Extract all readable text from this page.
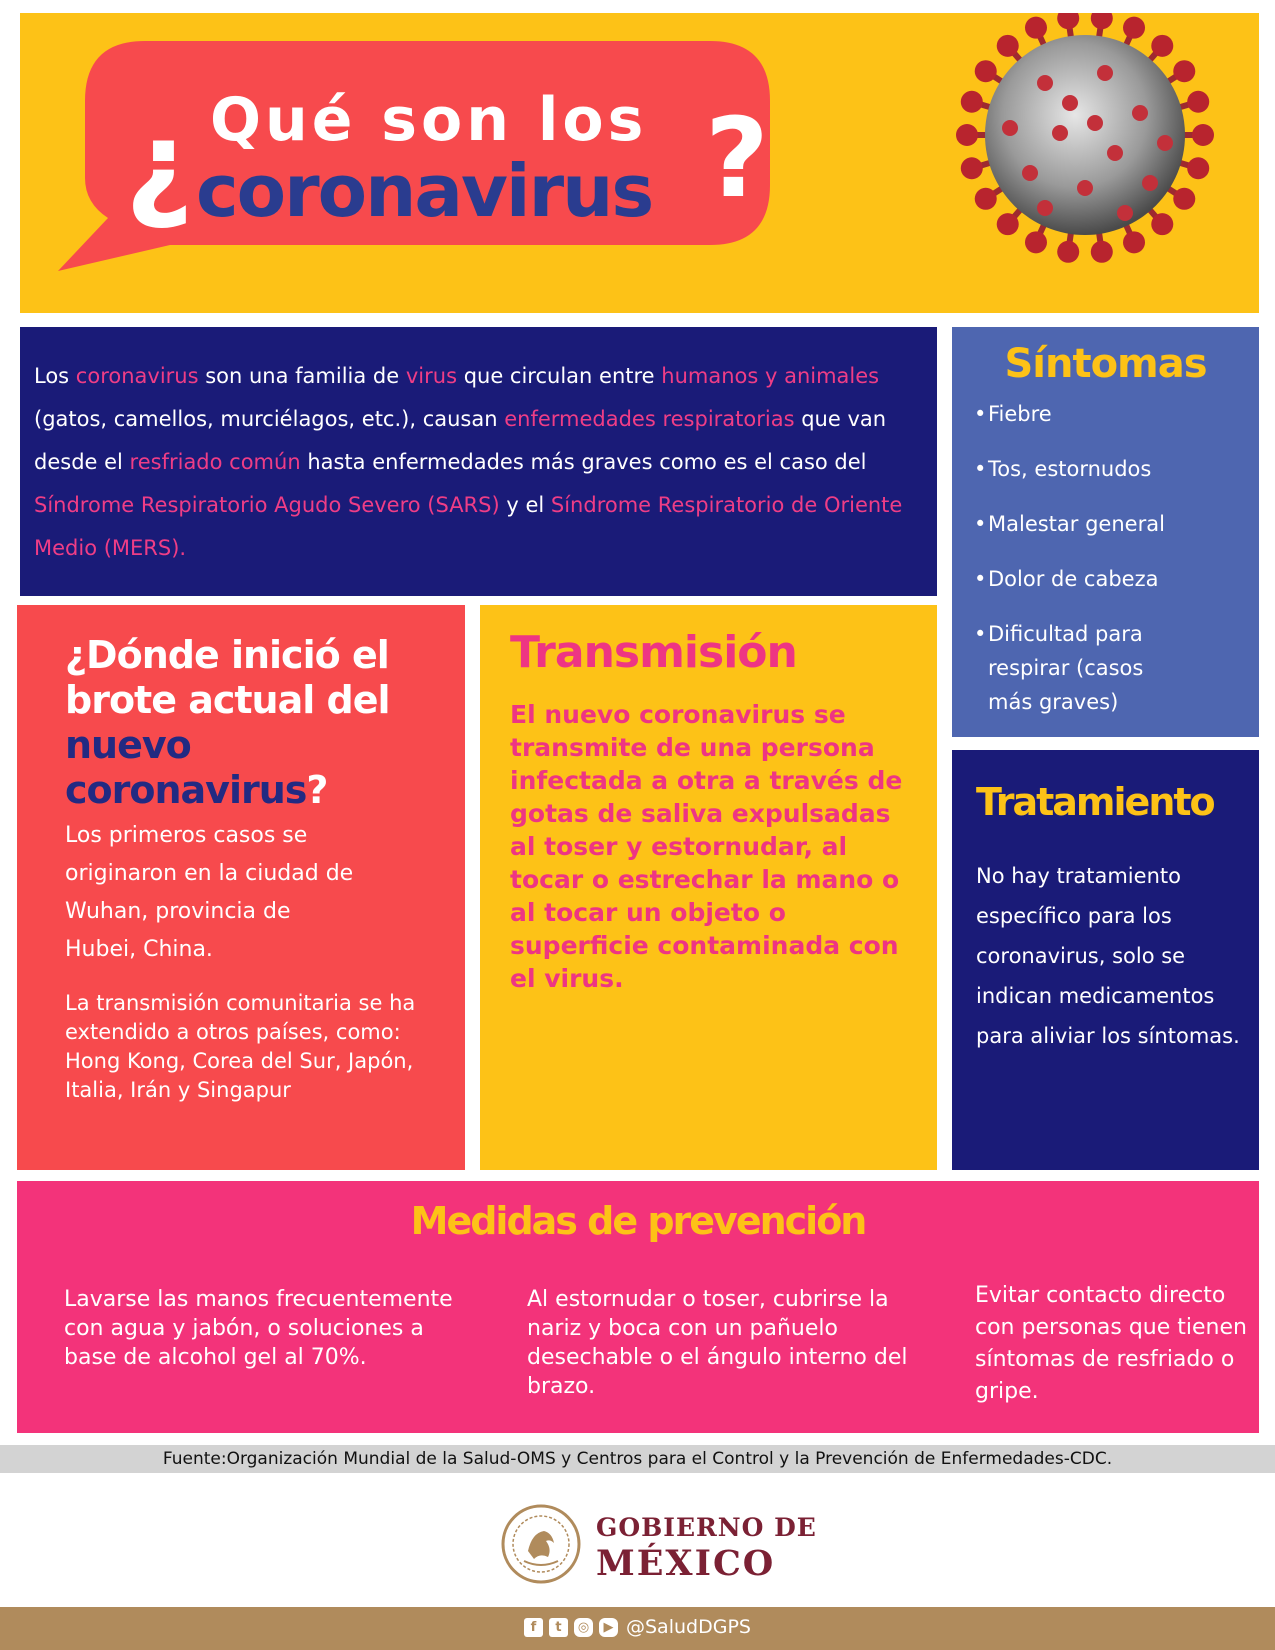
¿ Qué son los
coronavirus ?

Los coronavirus son una familia de virus que circulan entre humanos y animales (gatos, camellos, murciélagos, etc.), causan enfermedades respiratorias que van desde el resfriado común hasta enfermedades más graves como es el caso del Síndrome Respiratorio Agudo Severo (SARS) y el Síndrome Respiratorio de Oriente Medio (MERS).

Síntomas
• Fiebre
• Tos, estornudos
• Malestar general
• Dolor de cabeza
• Dificultad para respirar (casos más graves)
¿Dónde inició el brote actual del nuevo coronavirus?

Los primeros casos se originaron en la ciudad de Wuhan, provincia de Hubei, China.

La transmisión comunitaria se ha extendido a otros países, como: Hong Kong, Corea del Sur, Japón, Italia, Irán y Singapur

Transmisión

El nuevo coronavirus se transmite de una persona infectada a otra a través de gotas de saliva expulsadas al toser y estornudar, al tocar o estrechar la mano o al tocar un objeto o superficie contaminada con el virus.

Tratamiento

No hay tratamiento específico para los coronavirus, solo se indican medicamentos para aliviar los síntomas.

Medidas de prevención

Lavarse las manos frecuentemente con agua y jabón, o soluciones a base de alcohol gel al 70%.

Al estornudar o toser, cubrirse la nariz y boca con un pañuelo desechable o el ángulo interno del brazo.

Evitar contacto directo con personas que tienen síntomas de resfriado o gripe.

Fuente:Organización Mundial de la Salud-OMS y Centros para el Control y la Prevención de Enfermedades-CDC.
GOBIERNO DE
MÉXICO
f	t	◎	▶ @SaludDGPS
